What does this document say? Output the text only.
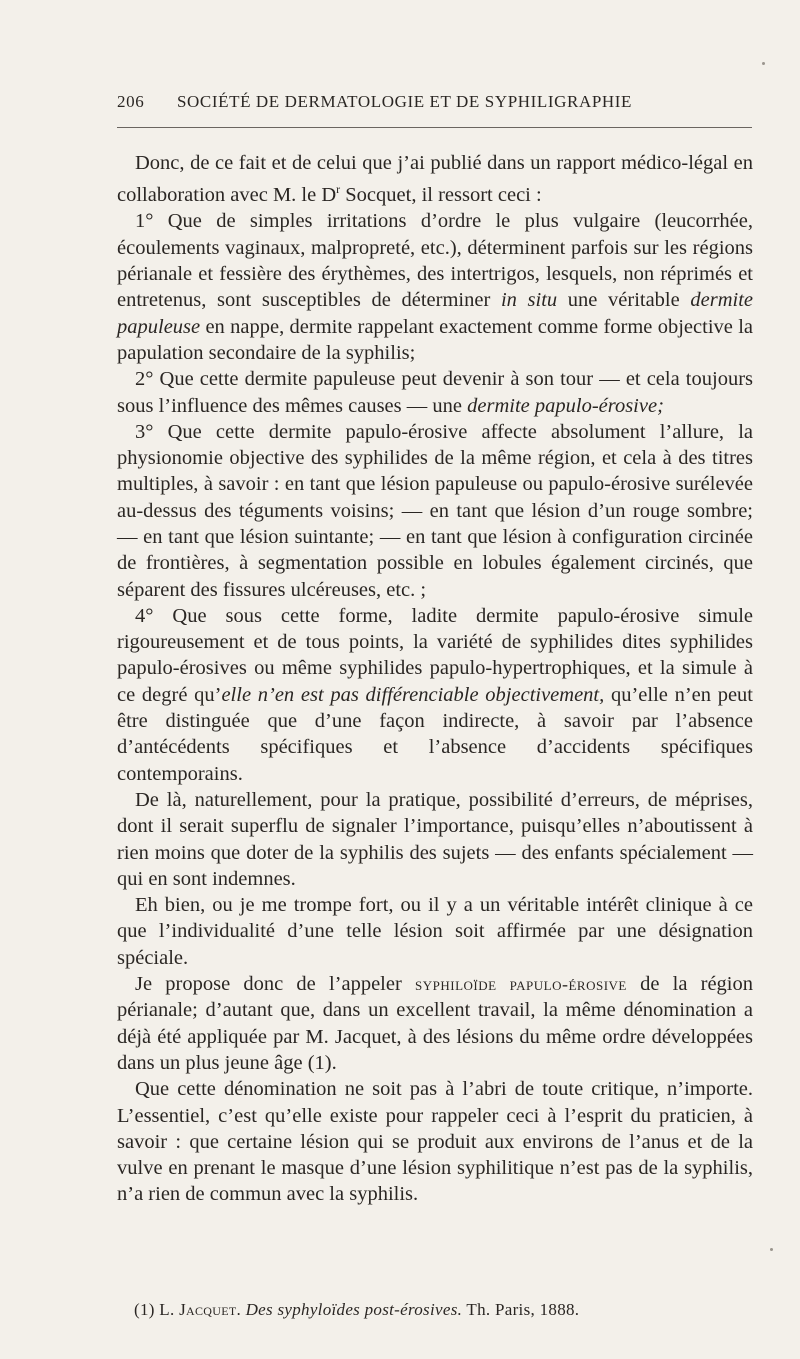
206 SOCIÉTÉ DE DERMATOLOGIE ET DE SYPHILIGRAPHIE

Donc, de ce fait et de celui que j’ai publié dans un rapport médico-légal en collaboration avec M. le $D^r$ Socquet, il ressort ceci :

1° Que de simples irritations d’ordre le plus vulgaire (leucorrhée, écoulements vaginaux, malpropreté, etc.), déterminent parfois sur les régions périanale et fessière des érythèmes, des intertrigos, lesquels, non réprimés et entretenus, sont susceptibles de déterminer in situ une véritable dermite papuleuse en nappe, dermite rappelant exactement comme forme objective la papulation secondaire de la syphilis;

2° Que cette dermite papuleuse peut devenir à son tour — et cela toujours sous l’influence des mêmes causes — une dermite papulo-érosive;

3° Que cette dermite papulo-érosive affecte absolument l’allure, la physionomie objective des syphilides de la même région, et cela à des titres multiples, à savoir : en tant que lésion papuleuse ou papulo-érosive surélevée au-dessus des téguments voisins; — en tant que lésion d’un rouge sombre; — en tant que lésion suintante; — en tant que lésion à configuration circinée de frontières, à segmentation possible en lobules également circinés, que séparent des fissures ulcéreuses, etc. ;

4° Que sous cette forme, ladite dermite papulo-érosive simule rigoureusement et de tous points, la variété de syphilides dites syphilides papulo-érosives ou même syphilides papulo-hypertrophiques, et la simule à ce degré qu’elle n’en est pas différenciable objectivement, qu’elle n’en peut être distinguée que d’une façon indirecte, à savoir par l’absence d’antécédents spécifiques et l’absence d’accidents spécifiques contemporains.

De là, naturellement, pour la pratique, possibilité d’erreurs, de méprises, dont il serait superflu de signaler l’importance, puisqu’elles n’aboutissent à rien moins que doter de la syphilis des sujets — des enfants spécialement — qui en sont indemnes.

Eh bien, ou je me trompe fort, ou il y a un véritable intérêt clinique à ce que l’individualité d’une telle lésion soit affirmée par une désignation spéciale.

Je propose donc de l’appeler syphiloïde papulo-érosive de la région périanale; d’autant que, dans un excellent travail, la même dénomination a déjà été appliquée par M. Jacquet, à des lésions du même ordre développées dans un plus jeune âge (1).

Que cette dénomination ne soit pas à l’abri de toute critique, n’importe. L’essentiel, c’est qu’elle existe pour rappeler ceci à l’esprit du praticien, à savoir : que certaine lésion qui se produit aux environs de l’anus et de la vulve en prenant le masque d’une lésion syphilitique n’est pas de la syphilis, n’a rien de commun avec la syphilis.

(1) L. Jacquet. Des syphyloïdes post-érosives. Th. Paris, 1888.
